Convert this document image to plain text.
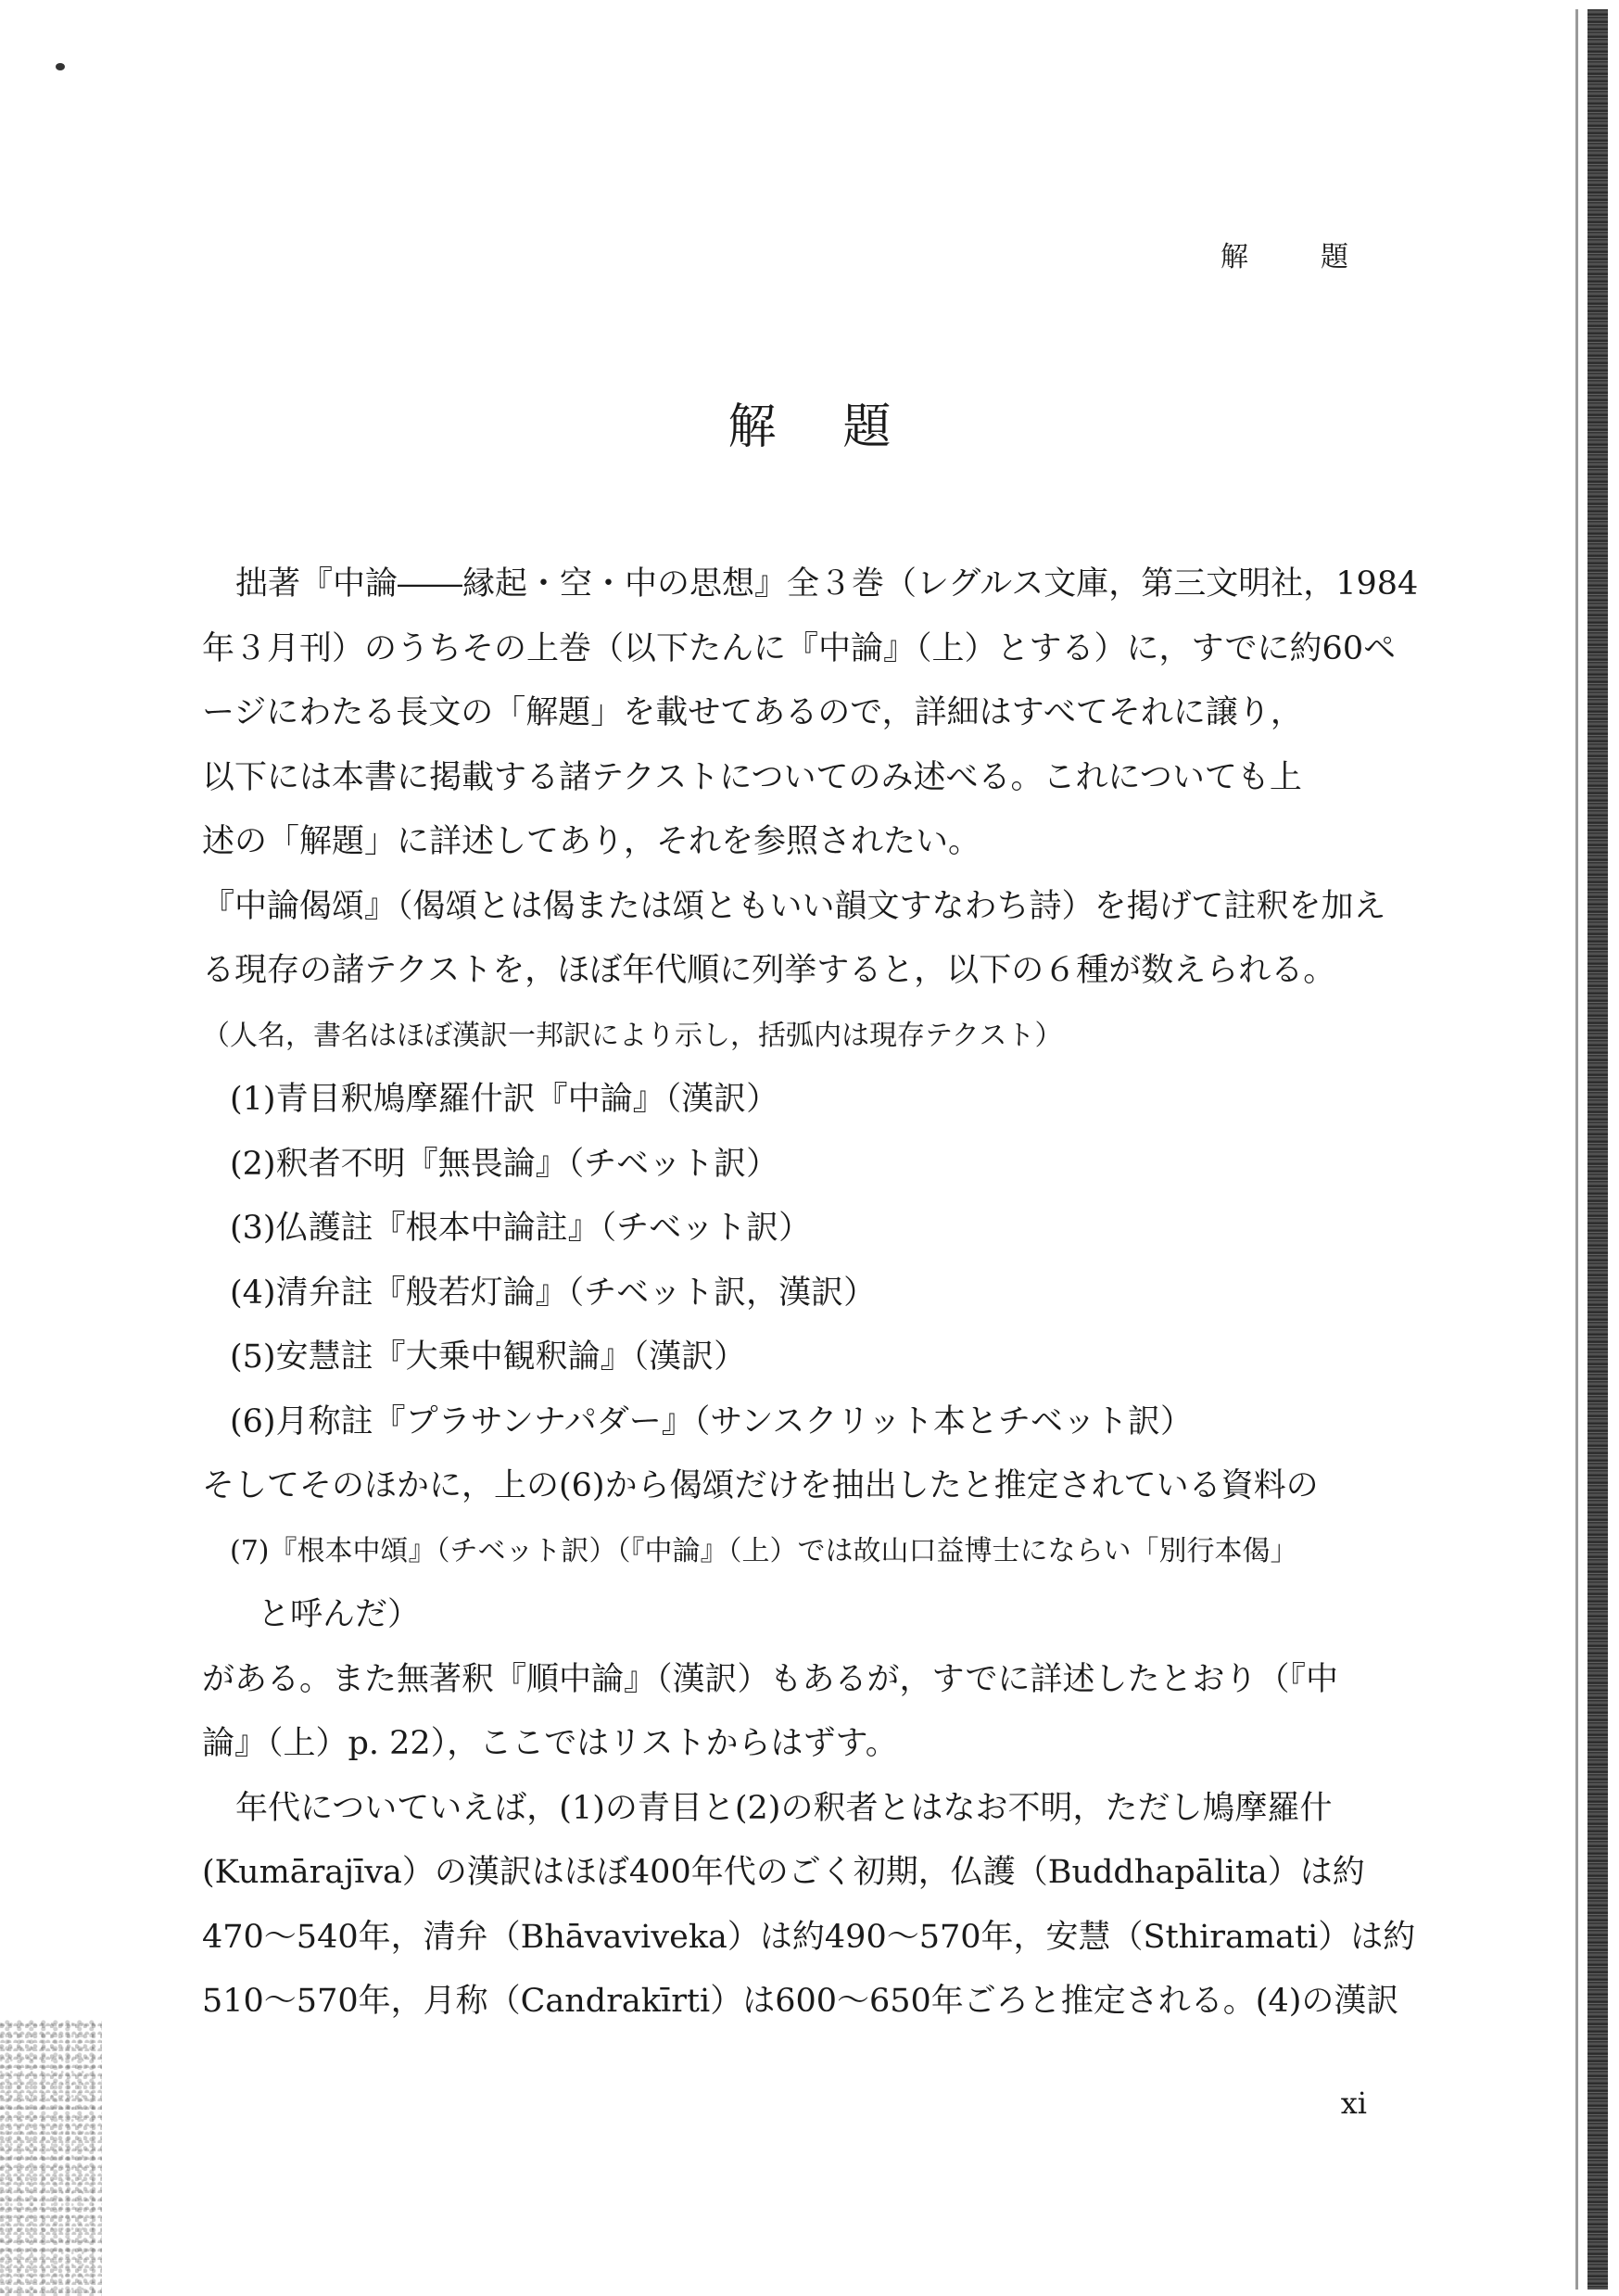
解　題
解題
拙著『中論――縁起・空・中の思想』全３巻（レグルス文庫，第三文明社，1984
年３月刊）のうちその上巻（以下たんに『中論』（上）とする）に，すでに約60ペ
ージにわたる長文の「解題」を載せてあるので，詳細はすべてそれに譲り，
以下には本書に掲載する諸テクストについてのみ述べる。これについても上
述の「解題」に詳述してあり，それを参照されたい。
『中論偈頌』（偈頌とは偈または頌ともいい韻文すなわち詩）を掲げて註釈を加え
る現存の諸テクストを，ほぼ年代順に列挙すると，以下の６種が数えられる。
（人名，書名はほぼ漢訳一邦訳により示し，括弧内は現存テクスト）
(1)青目釈鳩摩羅什訳『中論』（漢訳）
(2)釈者不明『無畏論』（チベット訳）
(3)仏護註『根本中論註』（チベット訳）
(4)清弁註『般若灯論』（チベット訳，漢訳）
(5)安慧註『大乗中観釈論』（漢訳）
(6)月称註『プラサンナパダー』（サンスクリット本とチベット訳）
そしてそのほかに，上の(6)から偈頌だけを抽出したと推定されている資料の
(7)『根本中頌』（チベット訳）（『中論』（上）では故山口益博士にならい「別行本偈」
と呼んだ）
がある。また無著釈『順中論』（漢訳）もあるが，すでに詳述したとおり（『中
論』（上）p. 22），ここではリストからはずす。
年代についていえば，(1)の青目と(2)の釈者とはなお不明，ただし鳩摩羅什
(Kumārajīva）の漢訳はほぼ400年代のごく初期，仏護（Buddhapālita）は約
470～540年，清弁（Bhāvaviveka）は約490～570年，安慧（Sthiramati）は約
510～570年，月称（Candrakīrti）は600～650年ごろと推定される。(4)の漢訳
xi
